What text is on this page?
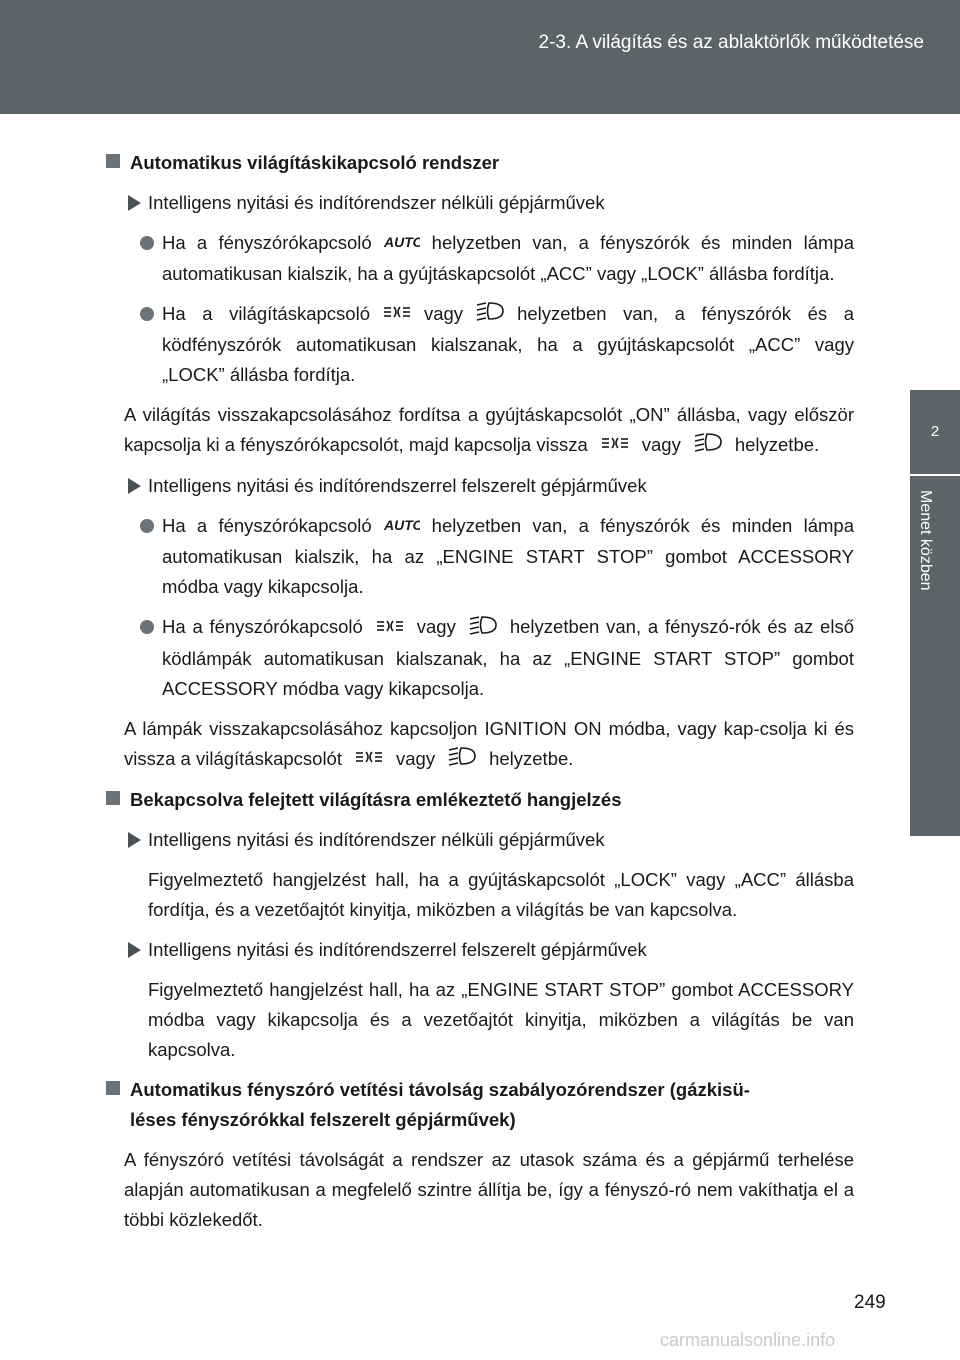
2-3. A világítás és az ablaktörlők működtetése
2
Menet közben
Automatikus világításkikapcsoló rendszer
Intelligens nyitási és indítórendszer nélküli gépjárművek
Ha a fényszórókapcsoló AUTO helyzetben van, a fényszórók és minden lámpa automatikusan kialszik, ha a gyújtáskapcsolót „ACC” vagy „LOCK” állásba fordítja.
Ha a világításkapcsoló	vagy	helyzetben van, a fényszórók és a ködfényszórók automatikusan kialszanak, ha a gyújtáskapcsolót „ACC” vagy „LOCK” állásba fordítja.
A világítás visszakapcsolásához fordítsa a gyújtáskapcsolót „ON” állásba, vagy először kapcsolja ki a fényszórókapcsolót, majd kapcsolja vissza	vagy	helyzetbe.
Intelligens nyitási és indítórendszerrel felszerelt gépjárművek
Ha a fényszórókapcsoló AUTO helyzetben van, a fényszórók és minden lámpa automatikusan kialszik, ha az „ENGINE START STOP” gombot ACCESSORY módba vagy kikapcsolja.
Ha a fényszórókapcsoló	vagy	helyzetben van, a fényszó-rók és az első ködlámpák automatikusan kialszanak, ha az „ENGINE START STOP” gombot ACCESSORY módba vagy kikapcsolja.
A lámpák visszakapcsolásához kapcsoljon IGNITION ON módba, vagy kap-csolja ki és vissza a világításkapcsolót	vagy	helyzetbe.
Bekapcsolva felejtett világításra emlékeztető hangjelzés
Intelligens nyitási és indítórendszer nélküli gépjárművek
Figyelmeztető hangjelzést hall, ha a gyújtáskapcsolót „LOCK” vagy „ACC” állásba fordítja, és a vezetőajtót kinyitja, miközben a világítás be van kapcsolva.
Intelligens nyitási és indítórendszerrel felszerelt gépjárművek
Figyelmeztető hangjelzést hall, ha az „ENGINE START STOP” gombot ACCESSORY módba vagy kikapcsolja és a vezetőajtót kinyitja, miközben a világítás be van kapcsolva.
Automatikus fényszóró vetítési távolság szabályozórendszer (gázkisü-
léses fényszórókkal felszerelt gépjárművek)
A fényszóró vetítési távolságát a rendszer az utasok száma és a gépjármű terhelése alapján automatikusan a megfelelő szintre állítja be, így a fényszó-ró nem vakíthatja el a többi közlekedőt.
249
carmanualsonline.info
